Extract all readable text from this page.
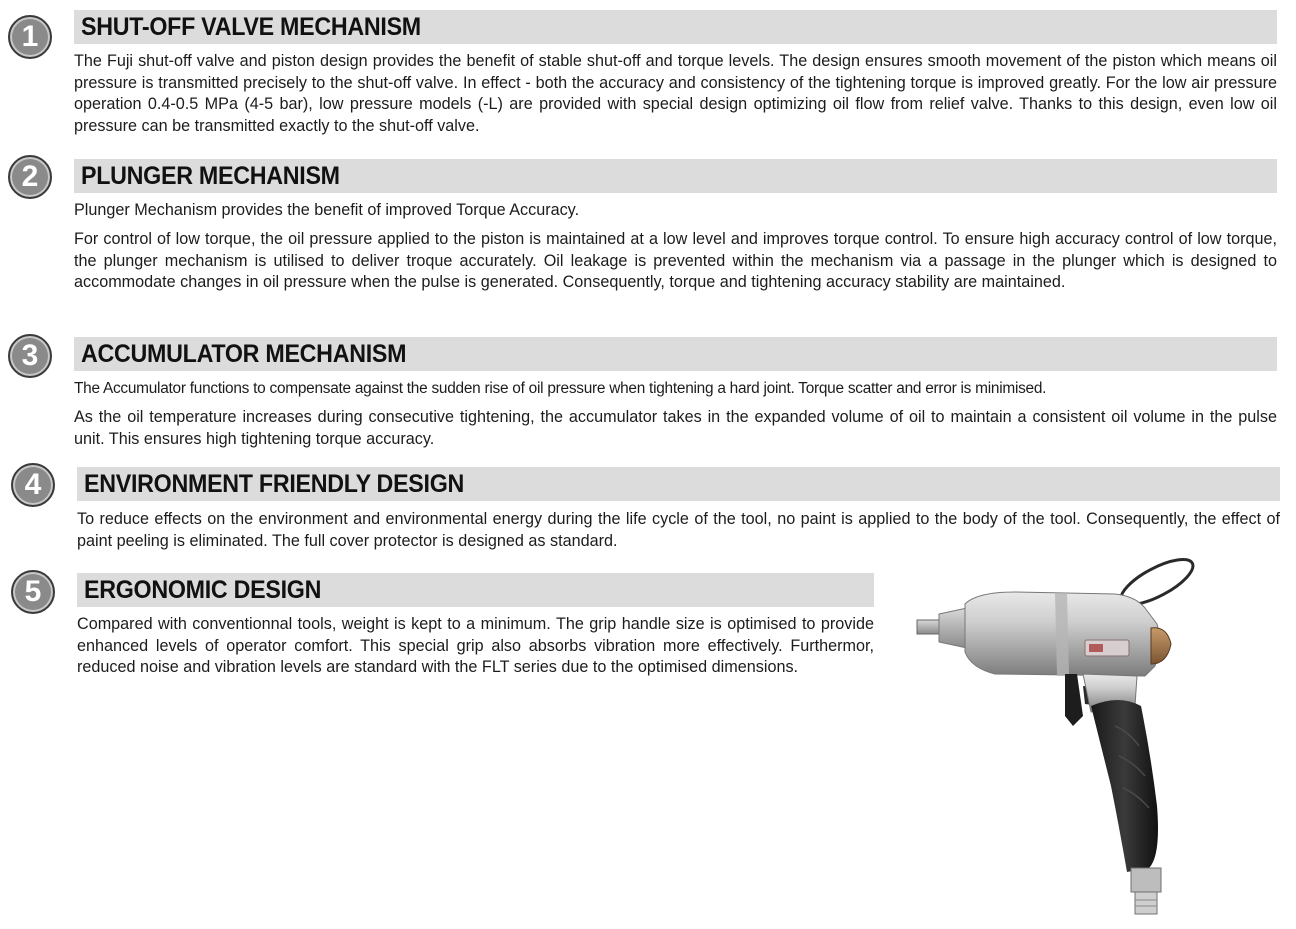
1	SHUT-OFF VALVE MECHANISM
The Fuji shut-off valve and piston design provides the benefit of stable shut-off and torque levels. The design ensures smooth movement of the piston which means oil pressure is transmitted precisely to the shut-off valve. In effect - both the accuracy and consistency of the tightening torque is improved greatly. For the low air pressure operation 0.4-0.5 MPa (4-5 bar), low pressure models (-L) are provided with special design optimizing oil flow from relief valve. Thanks to this design, even low oil pressure can be transmitted exactly to the shut-off valve.
2	PLUNGER MECHANISM
Plunger Mechanism provides the benefit of improved Torque Accuracy.
For control of low torque, the oil pressure applied to the piston is maintained at a low level and improves torque control. To ensure high accuracy control of low torque, the plunger mechanism is utilised to deliver troque accurately. Oil leakage is prevented within the mechanism via a passage in the plunger which is designed to accommodate changes in oil pressure when the pulse is generated. Consequently, torque and tightening accuracy stability are maintained.
3	ACCUMULATOR MECHANISM
The Accumulator functions to compensate against the sudden rise of oil pressure when tightening a hard joint. Torque scatter and error is minimised.
As the oil temperature increases during consecutive tightening, the accumulator takes in the expanded volume of oil to maintain a consistent oil volume in the pulse unit. This ensures high tightening torque accuracy.
4	ENVIRONMENT FRIENDLY DESIGN
To reduce effects on the environment and environmental energy during the life cycle of the tool, no paint is applied to the body of the tool. Consequently, the effect of paint peeling is eliminated. The full cover protector is designed as standard.
5	ERGONOMIC DESIGN
Compared with conventionnal tools, weight is kept to a minimum. The grip handle size is optimised to provide enhanced levels of operator comfort. This special grip also absorbs vibration more effectively. Furthermor, reduced noise and vibration levels are standard with the FLT series due to the optimised dimensions.
